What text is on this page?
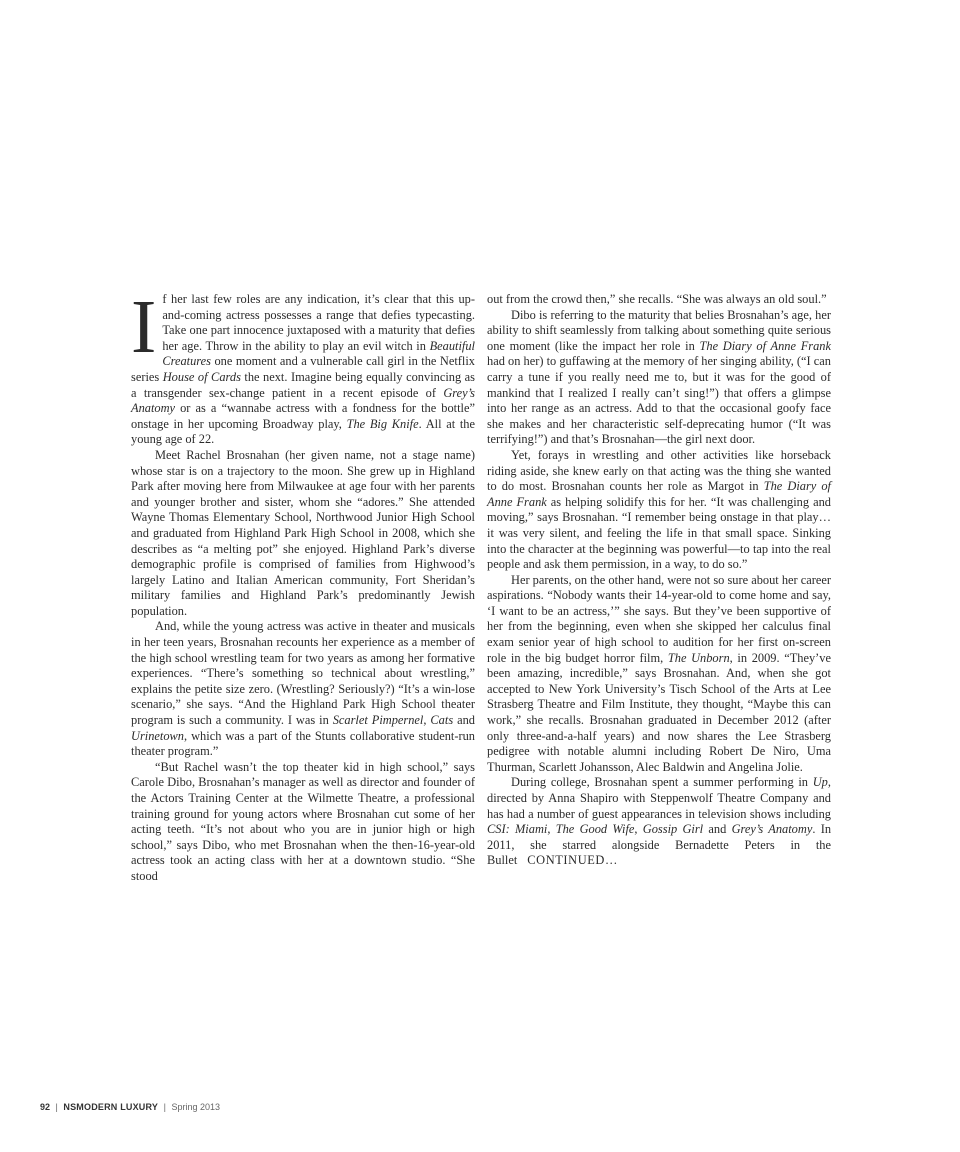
I f her last few roles are any indication, it’s clear that this up-and-coming actress possesses a range that defies typecasting. Take one part innocence juxtaposed with a maturity that defies her age. Throw in the ability to play an evil witch in Beautiful Creatures one moment and a vulnerable call girl in the Netflix series House of Cards the next. Imagine being equally convincing as a transgender sex-change patient in a recent episode of Grey’s Anatomy or as a “wannabe actress with a fondness for the bottle” onstage in her upcoming Broadway play, The Big Knife. All at the young age of 22.

Meet Rachel Brosnahan (her given name, not a stage name) whose star is on a trajectory to the moon. She grew up in Highland Park after moving here from Milwaukee at age four with her parents and younger brother and sister, whom she “adores.” She attended Wayne Thomas Elementary School, Northwood Junior High School and graduated from Highland Park High School in 2008, which she describes as “a melting pot” she enjoyed. Highland Park’s diverse demographic profile is comprised of families from Highwood’s largely Latino and Italian American community, Fort Sheridan’s military families and Highland Park’s predominantly Jewish population.

And, while the young actress was active in theater and musicals in her teen years, Brosnahan recounts her experience as a member of the high school wrestling team for two years as among her formative experiences. “There’s something so technical about wrestling,” explains the petite size zero. (Wrestling? Seriously?) “It’s a win-lose scenario,” she says. “And the Highland Park High School theater program is such a community. I was in Scarlet Pimpernel, Cats and Urinetown, which was a part of the Stunts collaborative student-run theater program.”

“But Rachel wasn’t the top theater kid in high school,” says Carole Dibo, Brosnahan’s manager as well as director and founder of the Actors Training Center at the Wilmette Theatre, a professional training ground for young actors where Brosnahan cut some of her acting teeth. “It’s not about who you are in junior high or high school,” says Dibo, who met Brosnahan when the then-16-year-old actress took an acting class with her at a downtown studio. “She stood

out from the crowd then,” she recalls. “She was always an old soul.”

Dibo is referring to the maturity that belies Brosnahan’s age, her ability to shift seamlessly from talking about something quite serious one moment (like the impact her role in The Diary of Anne Frank had on her) to guffawing at the memory of her singing ability, (“I can carry a tune if you really need me to, but it was for the good of mankind that I realized I really can’t sing!”) that offers a glimpse into her range as an actress. Add to that the occasional goofy face she makes and her characteristic self-deprecating humor (“It was terrifying!”) and that’s Brosnahan—the girl next door.

Yet, forays in wrestling and other activities like horseback riding aside, she knew early on that acting was the thing she wanted to do most. Brosnahan counts her role as Margot in The Diary of Anne Frank as helping solidify this for her. “It was challenging and moving,” says Brosnahan. “I remember being onstage in that play… it was very silent, and feeling the life in that small space. Sinking into the character at the beginning was powerful—to tap into the real people and ask them permission, in a way, to do so.”

Her parents, on the other hand, were not so sure about her career aspirations. “Nobody wants their 14-year-old to come home and say, ‘I want to be an actress,’” she says. But they’ve been supportive of her from the beginning, even when she skipped her calculus final exam senior year of high school to audition for her first on-screen role in the big budget horror film, The Unborn, in 2009. “They’ve been amazing, incredible,” says Brosnahan. And, when she got accepted to New York University’s Tisch School of the Arts at Lee Strasberg Theatre and Film Institute, they thought, “Maybe this can work,” she recalls. Brosnahan graduated in December 2012 (after only three-and-a-half years) and now shares the Lee Strasberg pedigree with notable alumni including Robert De Niro, Uma Thurman, Scarlett Johansson, Alec Baldwin and Angelina Jolie.

During college, Brosnahan spent a summer performing in Up, directed by Anna Shapiro with Steppenwolf Theatre Company and has had a number of guest appearances in television shows including CSI: Miami, The Good Wife, Gossip Girl and Grey’s Anatomy. In 2011, she starred alongside Bernadette Peters in the Bullet CONTINUED…

92 | NSMODERN LUXURY | Spring 2013
